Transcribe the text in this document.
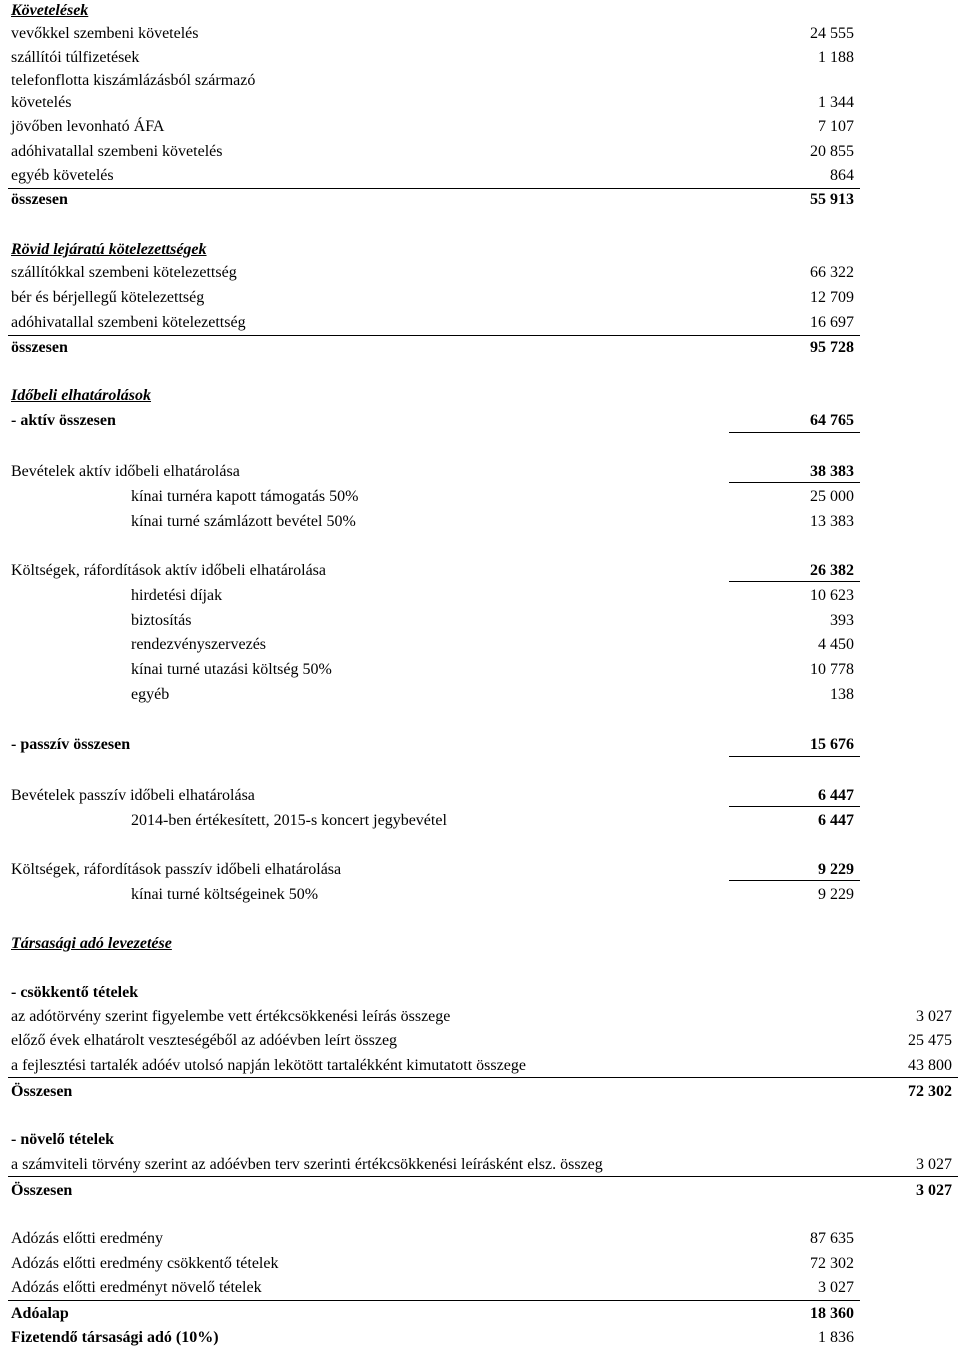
Követelések
vevőkkel szembeni követelés	24 555
szállítói túlfizetések	1 188
telefonflotta kiszámlázásból származó
követelés	1 344
jövőben levonható ÁFA	7 107
adóhivatallal szembeni követelés	20 855
egyéb követelés	864
összesen	55 913
Rövid lejáratú kötelezettségek
szállítókkal szembeni kötelezettség	66 322
bér és bérjellegű kötelezettség	12 709
adóhivatallal szembeni kötelezettség	16 697
összesen	95 728
Időbeli elhatárolások
- aktív összesen	64 765
Bevételek aktív időbeli elhatárolása	38 383
kínai turnéra kapott támogatás 50%	25 000
kínai turné számlázott bevétel 50%	13 383
Költségek, ráfordítások aktív időbeli elhatárolása	26 382
hirdetési díjak	10 623
biztosítás	393
rendezvényszervezés	4 450
kínai turné utazási költség 50%	10 778
egyéb	138
- passzív összesen	15 676
Bevételek passzív időbeli elhatárolása	6 447
2014-ben értékesített, 2015-s koncert jegybevétel	6 447
Költségek, ráfordítások passzív időbeli elhatárolása	9 229
kínai turné költségeinek 50%	9 229
Társasági adó levezetése
- csökkentő tételek
az adótörvény szerint figyelembe vett értékcsökkenési leírás összege	3 027
előző évek elhatárolt veszteségéből az adóévben leírt összeg	25 475
a fejlesztési tartalék adóév utolsó napján lekötött tartalékként kimutatott összege	43 800
Összesen	72 302
- növelő tételek
a számviteli törvény szerint az adóévben terv szerinti értékcsökkenési leírásként elsz. összeg	3 027
Összesen	3 027
Adózás előtti eredmény	87 635
Adózás előtti eredmény csökkentő tételek	72 302
Adózás előtti eredményt növelő tételek	3 027
Adóalap	18 360
Fizetendő társasági adó (10%)	1 836
